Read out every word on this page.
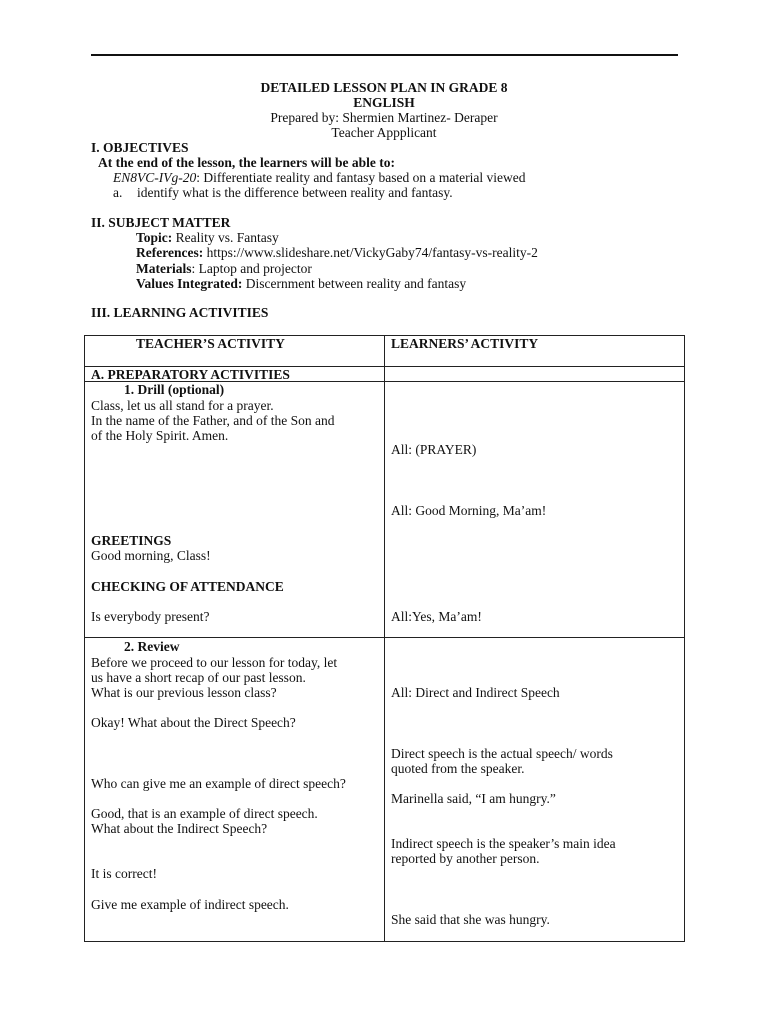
DETAILED LESSON PLAN IN GRADE 8
ENGLISH
Prepared by: Shermien Martinez- Deraper
Teacher Appplicant
I. OBJECTIVES
At the end of the lesson, the learners will be able to:
EN8VC-IVg-20: Differentiate reality and fantasy based on a material viewed
a. identify what is the difference between reality and fantasy.
II. SUBJECT MATTER
Topic: Reality vs. Fantasy
References: https://www.slideshare.net/VickyGaby74/fantasy-vs-reality-2
Materials: Laptop and projector
Values Integrated: Discernment between reality and fantasy
III. LEARNING ACTIVITIES
TEACHER’S ACTIVITY	LEARNERS’ ACTIVITY
A. PREPARATORY ACTIVITIES
1. Drill (optional)
Class, let us all stand for a prayer.
In the name of the Father, and of the Son and
of the Holy Spirit. Amen.
GREETINGS
Good morning, Class!
CHECKING OF ATTENDANCE
Is everybody present?
All: (PRAYER)
All: Good Morning, Ma’am!
All:Yes, Ma’am!
2. Review
Before we proceed to our lesson for today, let
us have a short recap of our past lesson.
What is our previous lesson class?
Okay! What about the Direct Speech?
Who can give me an example of direct speech?
Good, that is an example of direct speech.
What about the Indirect Speech?
It is correct!
Give me example of indirect speech.
All: Direct and Indirect Speech
Direct speech is the actual speech/ words
quoted from the speaker.
Marinella said, “I am hungry.”
Indirect speech is the speaker’s main idea
reported by another person.
She said that she was hungry.
